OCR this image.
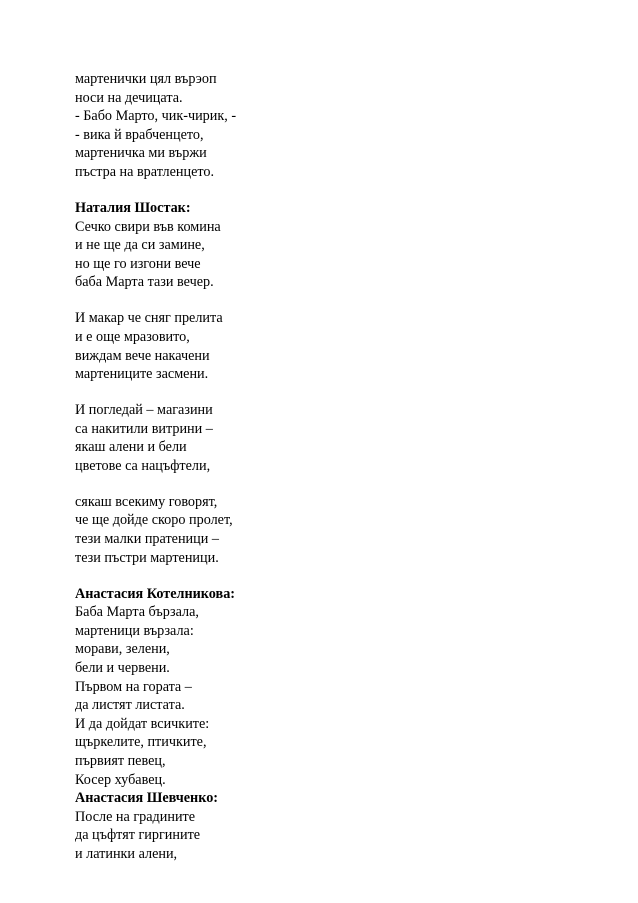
мартенички цял върэоп
носи на дечицата.
- Бабо Марто, чик-чирик, -
- вика й врабченцето,
мартеничка ми вържи
пъстра на вратленцето.
Наталия Шостак:
Сечко свири във комина
и не ще да си замине,
но ще го изгони вече
баба Марта тази вечер.
И макар че сняг прелита
и е още мразовито,
виждам вече накачени
мартениците засмени.
И погледай – магазини
са накитили витрини –
якаш алени и бели
цветове са нацъфтели,
сякаш всекиму говорят,
че ще дойде скоро пролет,
тези малки пратеници –
тези пъстри мартеници.
Анастасия Котелникова:
Баба Марта бързала,
мартеници вързала:
морави, зелени,
бели и червени.
Първом на горатa –
да листят листата.
И да дойдат всичките:
щъркелите, птичките,
първият певец,
Косер хубавец.
Анастасия Шевченко:
После на градините
да цъфтят гиргините
и латинки алени,
